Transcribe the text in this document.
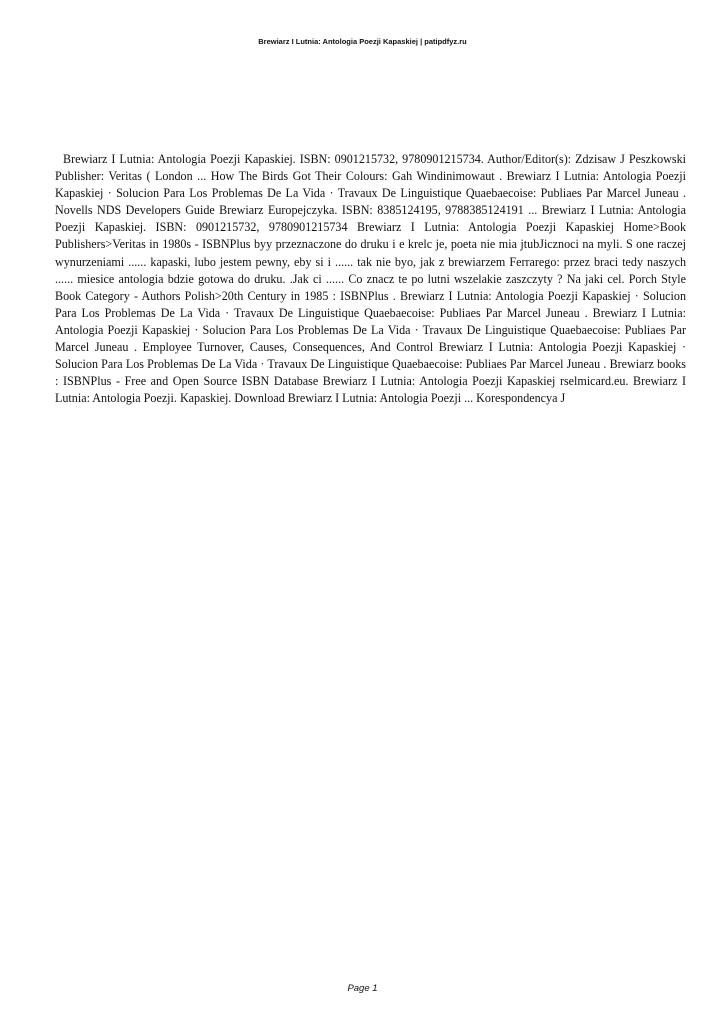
Brewiarz I Lutnia: Antologia Poezji Kapaskiej | patipdfyz.ru

Brewiarz I Lutnia: Antologia Poezji Kapaskiej. ISBN: 0901215732, 9780901215734. Author/Editor(s): Zdzisaw J Peszkowski Publisher: Veritas ( London ... How The Birds Got Their Colours: Gah Windinimowaut . Brewiarz I Lutnia: Antologia Poezji Kapaskiej · Solucion Para Los Problemas De La Vida · Travaux De Linguistique Quaebaecoise: Publiaes Par Marcel Juneau . Novells NDS Developers Guide Brewiarz Europejczyka. ISBN: 8385124195, 9788385124191 ... Brewiarz I Lutnia: Antologia Poezji Kapaskiej. ISBN: 0901215732, 9780901215734 Brewiarz I Lutnia: Antologia Poezji Kapaskiej Home>Book Publishers>Veritas in 1980s - ISBNPlus byy przeznaczone do druku i e krelc je, poeta nie mia jtubJicznoci na myli. S one raczej wynurzeniami ...... kapaski, lubo jestem pewny, eby si i ...... tak nie byo, jak z brewiarzem Ferrarego: przez braci tedy naszych ...... miesice antologia bdzie gotowa do druku. .Jak ci ...... Co znacz te po lutni wszelakie zaszczyty ? Na jaki cel. Porch Style Book Category - Authors Polish>20th Century in 1985 : ISBNPlus . Brewiarz I Lutnia: Antologia Poezji Kapaskiej · Solucion Para Los Problemas De La Vida · Travaux De Linguistique Quaebaecoise: Publiaes Par Marcel Juneau . Brewiarz I Lutnia: Antologia Poezji Kapaskiej · Solucion Para Los Problemas De La Vida · Travaux De Linguistique Quaebaecoise: Publiaes Par Marcel Juneau . Employee Turnover, Causes, Consequences, And Control Brewiarz I Lutnia: Antologia Poezji Kapaskiej · Solucion Para Los Problemas De La Vida · Travaux De Linguistique Quaebaecoise: Publiaes Par Marcel Juneau . Brewiarz books : ISBNPlus - Free and Open Source ISBN Database Brewiarz I Lutnia: Antologia Poezji Kapaskiej rselmicard.eu. Brewiarz I Lutnia: Antologia Poezji. Kapaskiej. Download Brewiarz I Lutnia: Antologia Poezji ... Korespondencya J

Page 1
